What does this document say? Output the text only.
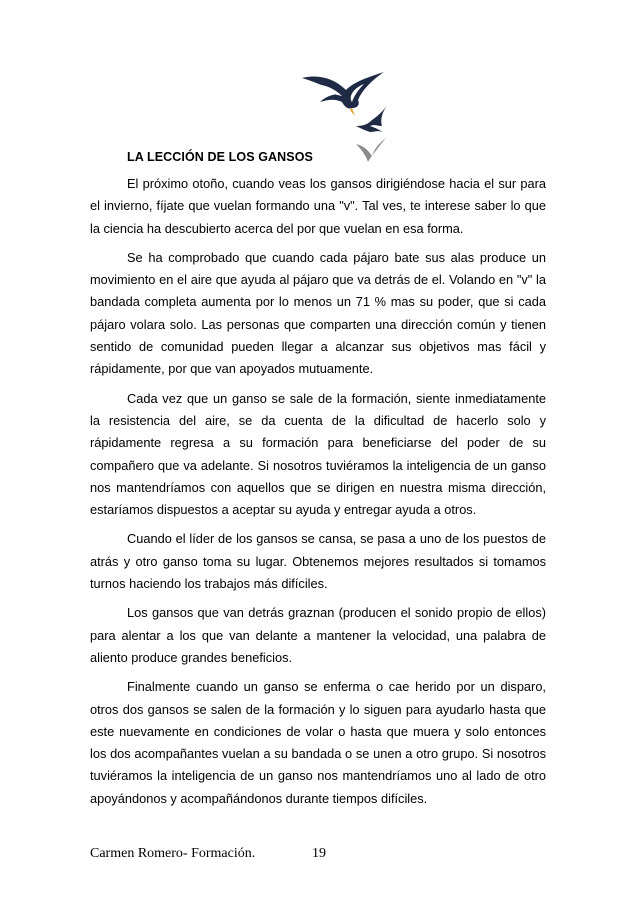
LA LECCIÓN DE LOS GANSOS

El próximo otoño, cuando veas los gansos dirigiéndose hacia el sur para el invierno, fíjate que vuelan formando una "v". Tal ves, te interese saber lo que la ciencia ha descubierto acerca del por que vuelan en esa forma.

Se ha comprobado que cuando cada pájaro bate sus alas produce un movimiento en el aire que ayuda al pájaro que va detrás de el. Volando en "v" la bandada completa aumenta por lo menos un 71 % mas su poder, que si cada pájaro volara solo. Las personas que comparten una dirección común y tienen sentido de comunidad pueden llegar a alcanzar sus objetivos mas fácil y rápidamente, por que van apoyados mutuamente.

Cada vez que un ganso se sale de la formación, siente inmediatamente la resistencia del aire, se da cuenta de la dificultad de hacerlo solo y rápidamente regresa a su formación para beneficiarse del poder de su compañero que va adelante. Si nosotros tuviéramos la inteligencia de un ganso nos mantendríamos con aquellos que se dirigen en nuestra misma dirección, estaríamos dispuestos a aceptar su ayuda y entregar ayuda a otros.

Cuando el líder de los gansos se cansa, se pasa a uno de los puestos de atrás y otro ganso toma su lugar. Obtenemos mejores resultados si tomamos turnos haciendo los trabajos más difíciles.

Los gansos que van detrás graznan (producen el sonido propio de ellos) para alentar a los que van delante a mantener la velocidad, una palabra de aliento produce grandes beneficios.

Finalmente cuando un ganso se enferma o cae herido por un disparo, otros dos gansos se salen de la formación y lo siguen para ayudarlo hasta que este nuevamente en condiciones de volar o hasta que muera y solo entonces los dos acompañantes vuelan a su bandada o se unen a otro grupo. Si nosotros tuviéramos la inteligencia de un ganso nos mantendríamos uno al lado de otro apoyándonos y acompañándonos durante tiempos difíciles.

Carmen Romero- Formación.	19
